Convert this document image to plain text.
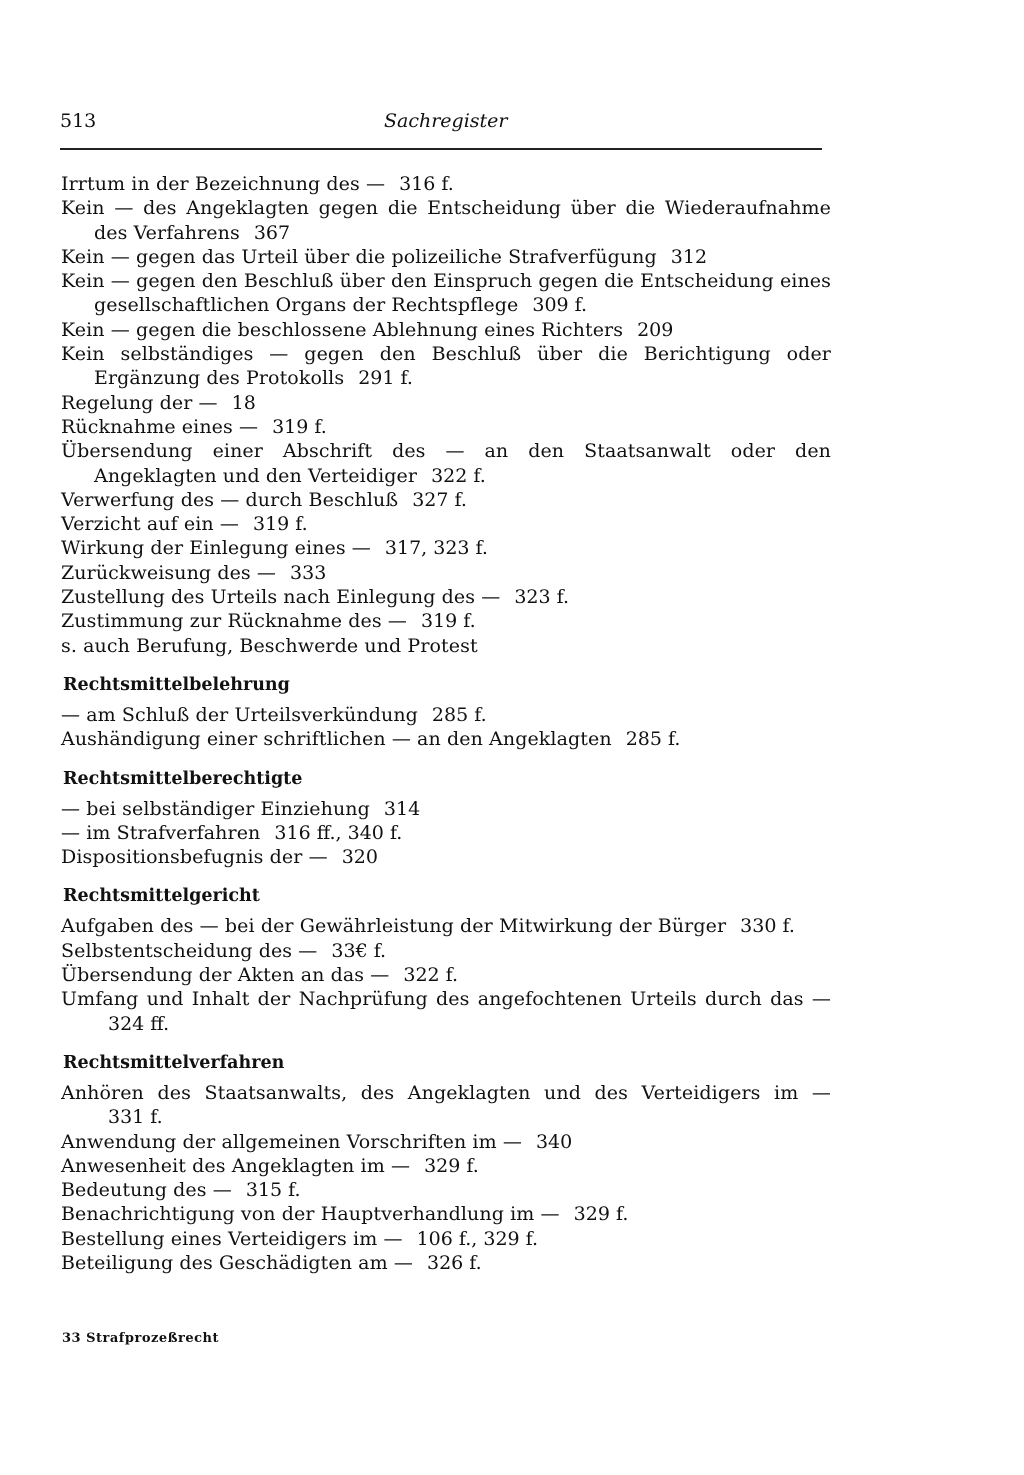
513	Sachregister

Irrtum in der Bezeichnung des — 316 f.

Kein — des Angeklagten gegen die Entscheidung über die Wiederaufnahme des Verfahrens 367

Kein — gegen das Urteil über die polizeiliche Strafverfügung 312

Kein — gegen den Beschluß über den Einspruch gegen die Entscheidung eines gesellschaftlichen Organs der Rechtspflege 309 f.

Kein — gegen die beschlossene Ablehnung eines Richters 209

Kein selbständiges — gegen den Beschluß über die Berichtigung oder Ergänzung des Protokolls 291 f.

Regelung der — 18

Rücknahme eines — 319 f.

Übersendung einer Abschrift des — an den Staatsanwalt oder den Angeklagten und den Verteidiger 322 f.

Verwerfung des — durch Beschluß 327 f.

Verzicht auf ein — 319 f.

Wirkung der Einlegung eines — 317, 323 f.

Zurückweisung des — 333

Zustellung des Urteils nach Einlegung des — 323 f.

Zustimmung zur Rücknahme des — 319 f.

s. auch Berufung, Beschwerde und Protest

Rechtsmittelbelehrung

— am Schluß der Urteilsverkündung 285 f.

Aushändigung einer schriftlichen — an den Angeklagten 285 f.

Rechtsmittelberechtigte

— bei selbständiger Einziehung 314

— im Strafverfahren 316 ff., 340 f.

Dispositionsbefugnis der — 320

Rechtsmittelgericht

Aufgaben des — bei der Gewährleistung der Mitwirkung der Bürger 330 f.

Selbstentscheidung des — 33€ f.

Übersendung der Akten an das — 322 f.

Umfang und Inhalt der Nachprüfung des angefochtenen Urteils durch das —324 ff.

Rechtsmittelverfahren

Anhören des Staatsanwalts, des Angeklagten und des Verteidigers im —331 f.

Anwendung der allgemeinen Vorschriften im — 340

Anwesenheit des Angeklagten im — 329 f.

Bedeutung des — 315 f.

Benachrichtigung von der Hauptverhandlung im — 329 f.

Bestellung eines Verteidigers im — 106 f., 329 f.

Beteiligung des Geschädigten am — 326 f.

33 Strafprozeßrecht
